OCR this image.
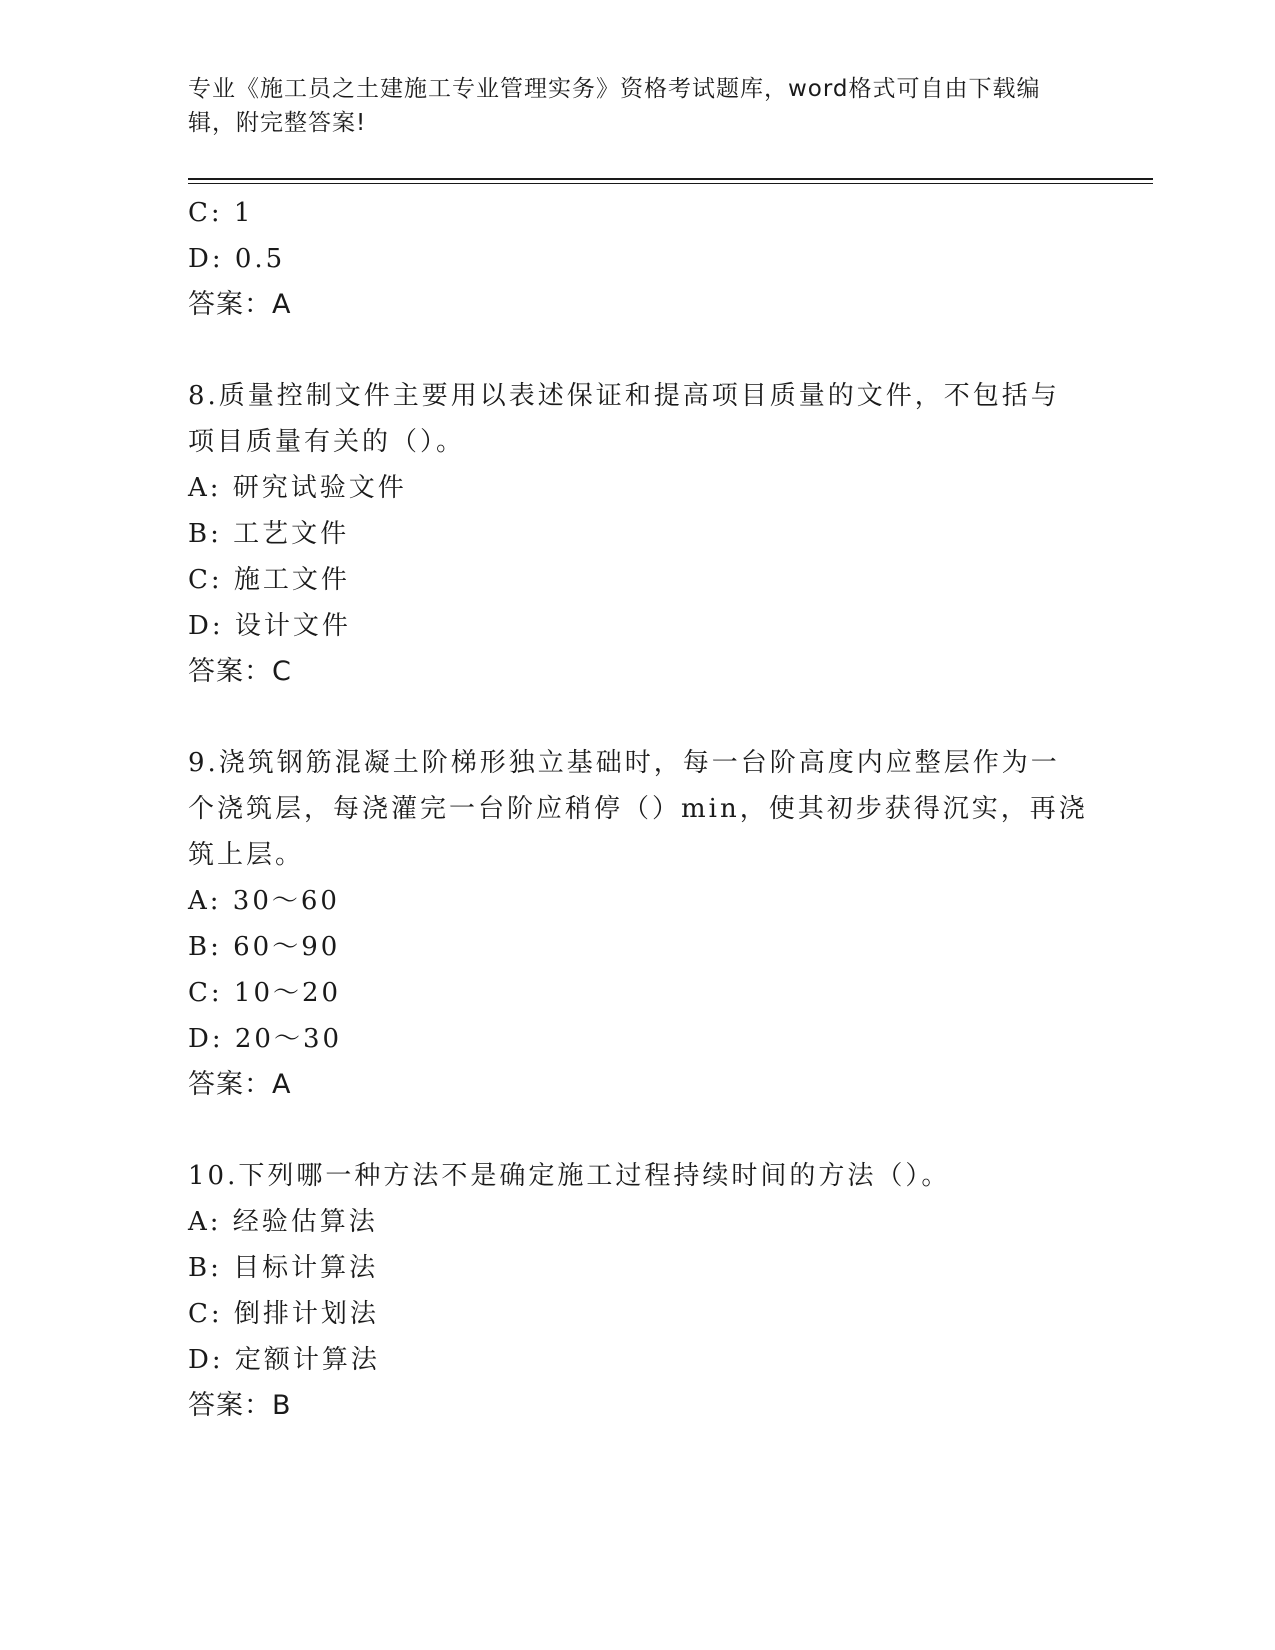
专业《施工员之土建施工专业管理实务》资格考试题库，word格式可自由下载编辑，附完整答案!
C: 1
D: 0.5
答案：A
8.质量控制文件主要用以表述保证和提高项目质量的文件，不包括与
项目质量有关的（）。
A: 研究试验文件
B: 工艺文件
C: 施工文件
D: 设计文件
答案：C
9.浇筑钢筋混凝土阶梯形独立基础时，每一台阶高度内应整层作为一
个浇筑层，每浇灌完一台阶应稍停（）min，使其初步获得沉实，再浇
筑上层。
A: 30～60
B: 60～90
C: 10～20
D: 20～30
答案：A
10.下列哪一种方法不是确定施工过程持续时间的方法（）。
A: 经验估算法
B: 目标计算法
C: 倒排计划法
D: 定额计算法
答案：B
